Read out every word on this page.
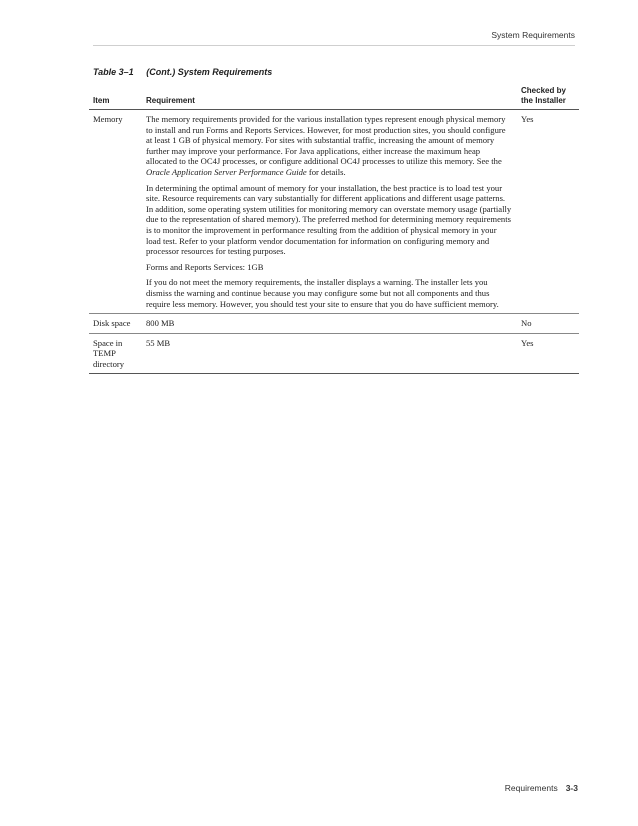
System Requirements
Table 3–1 (Cont.) System Requirements
Item	Requirement	Checked by the Installer
Memory	The memory requirements provided for the various installation types represent enough physical memory to install and run Forms and Reports Services. However, for most production sites, you should configure at least 1 GB of physical memory. For sites with substantial traffic, increasing the amount of memory further may improve your performance. For Java applications, either increase the maximum heap allocated to the OC4J processes, or configure additional OC4J processes to utilize this memory. See the Oracle Application Server Performance Guide for details.

In determining the optimal amount of memory for your installation, the best practice is to load test your site. Resource requirements can vary substantially for different applications and different usage patterns. In addition, some operating system utilities for monitoring memory can overstate memory usage (partially due to the representation of shared memory). The preferred method for determining memory requirements is to monitor the improvement in performance resulting from the addition of physical memory in your load test. Refer to your platform vendor documentation for information on configuring memory and processor resources for testing purposes.

Forms and Reports Services: 1GB

If you do not meet the memory requirements, the installer displays a warning. The installer lets you dismiss the warning and continue because you may configure some but not all components and thus require less memory. However, you should test your site to ensure that you do have sufficient memory.	Yes
Disk space	800 MB	No
Space in TEMP directory	55 MB	Yes
Requirements 3-3
